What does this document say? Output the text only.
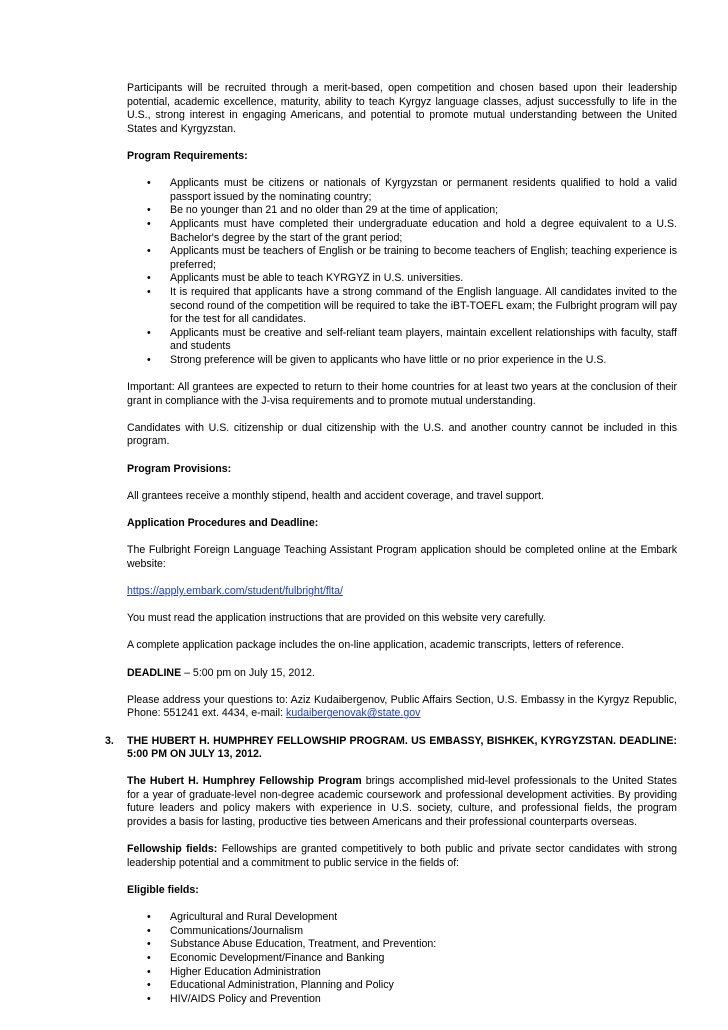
Participants will be recruited through a merit-based, open competition and chosen based upon their leadership potential, academic excellence, maturity, ability to teach Kyrgyz language classes, adjust successfully to life in the U.S., strong interest in engaging Americans, and potential to promote mutual understanding between the United States and Kyrgyzstan.

Program Requirements:

• Applicants must be citizens or nationals of Kyrgyzstan or permanent residents qualified to hold a valid passport issued by the nominating country;
• Be no younger than 21 and no older than 29 at the time of application;
• Applicants must have completed their undergraduate education and hold a degree equivalent to a U.S. Bachelor's degree by the start of the grant period;
• Applicants must be teachers of English or be training to become teachers of English; teaching experience is preferred;
• Applicants must be able to teach KYRGYZ in U.S. universities.
• It is required that applicants have a strong command of the English language. All candidates invited to the second round of the competition will be required to take the iBT-TOEFL exam; the Fulbright program will pay for the test for all candidates.
• Applicants must be creative and self-reliant team players, maintain excellent relationships with faculty, staff and students
• Strong preference will be given to applicants who have little or no prior experience in the U.S.

Important: All grantees are expected to return to their home countries for at least two years at the conclusion of their grant in compliance with the J-visa requirements and to promote mutual understanding.

Candidates with U.S. citizenship or dual citizenship with the U.S. and another country cannot be included in this program.

Program Provisions:

All grantees receive a monthly stipend, health and accident coverage, and travel support.

Application Procedures and Deadline:

The Fulbright Foreign Language Teaching Assistant Program application should be completed online at the Embark website:

https://apply.embark.com/student/fulbright/flta/

You must read the application instructions that are provided on this website very carefully.

A complete application package includes the on-line application, academic transcripts, letters of reference.

DEADLINE – 5:00 pm on July 15, 2012.

Please address your questions to: Aziz Kudaibergenov, Public Affairs Section, U.S. Embassy in the Kyrgyz Republic, Phone: 551241 ext. 4434, e-mail: kudaibergenovak@state.gov

3. THE HUBERT H. HUMPHREY FELLOWSHIP PROGRAM. US EMBASSY, BISHKEK, KYRGYZSTAN. DEADLINE: 5:00 PM ON JULY 13, 2012.

The Hubert H. Humphrey Fellowship Program brings accomplished mid-level professionals to the United States for a year of graduate-level non-degree academic coursework and professional development activities. By providing future leaders and policy makers with experience in U.S. society, culture, and professional fields, the program provides a basis for lasting, productive ties between Americans and their professional counterparts overseas.

Fellowship fields: Fellowships are granted competitively to both public and private sector candidates with strong leadership potential and a commitment to public service in the fields of:

Eligible fields:

• Agricultural and Rural Development
• Communications/Journalism
• Substance Abuse Education, Treatment, and Prevention:
• Economic Development/Finance and Banking
• Higher Education Administration
• Educational Administration, Planning and Policy
• HIV/AIDS Policy and Prevention
